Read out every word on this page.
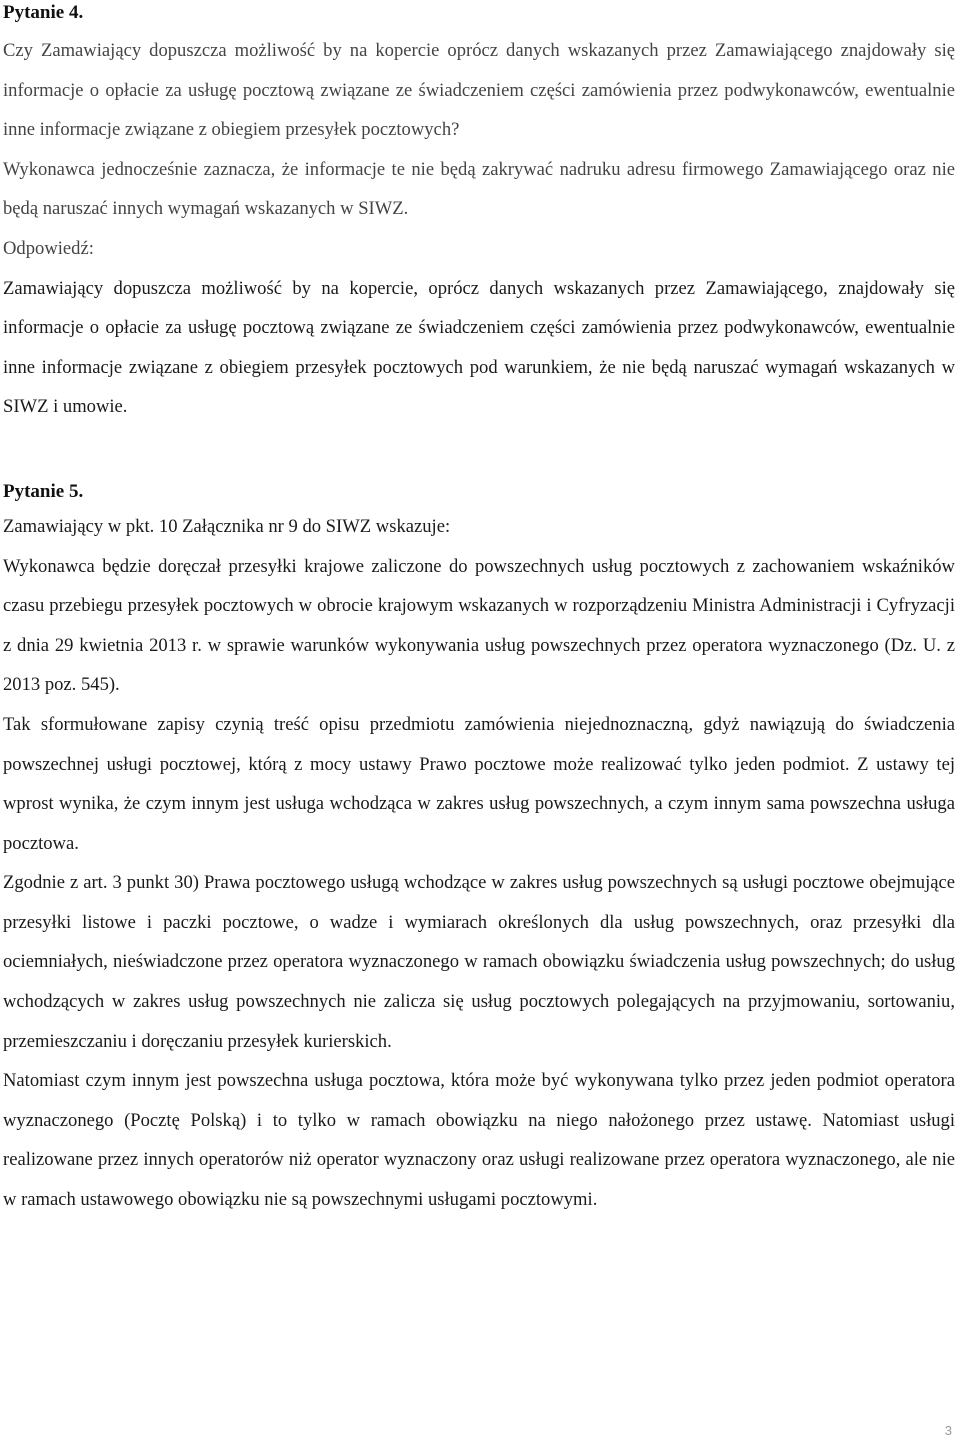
Pytanie 4.

Czy Zamawiający dopuszcza możliwość by na kopercie oprócz danych wskazanych przez Zamawiającego znajdowały się informacje o opłacie za usługę pocztową związane ze świadczeniem części zamówienia przez podwykonawców, ewentualnie inne informacje związane z obiegiem przesyłek pocztowych?

Wykonawca jednocześnie zaznacza, że informacje te nie będą zakrywać nadruku adresu firmowego Zamawiającego oraz nie będą naruszać innych wymagań wskazanych w SIWZ.

Odpowiedź:

Zamawiający dopuszcza możliwość by na kopercie, oprócz danych wskazanych przez Zamawiającego, znajdowały się informacje o opłacie za usługę pocztową związane ze świadczeniem części zamówienia przez podwykonawców, ewentualnie inne informacje związane z obiegiem przesyłek pocztowych pod warunkiem, że nie będą naruszać wymagań wskazanych w SIWZ i umowie.

Pytanie 5.

Zamawiający w pkt. 10 Załącznika nr 9 do SIWZ wskazuje:

Wykonawca będzie doręczał przesyłki krajowe zaliczone do powszechnych usług pocztowych z zachowaniem wskaźników czasu przebiegu przesyłek pocztowych w obrocie krajowym wskazanych w rozporządzeniu Ministra Administracji i Cyfryzacji z dnia 29 kwietnia 2013 r. w sprawie warunków wykonywania usług powszechnych przez operatora wyznaczonego (Dz. U. z 2013 poz. 545).

Tak sformułowane zapisy czynią treść opisu przedmiotu zamówienia niejednoznaczną, gdyż nawiązują do świadczenia powszechnej usługi pocztowej, którą z mocy ustawy Prawo pocztowe może realizować tylko jeden podmiot. Z ustawy tej wprost wynika, że czym innym jest usługa wchodząca w zakres usług powszechnych, a czym innym sama powszechna usługa pocztowa.

Zgodnie z art. 3 punkt 30) Prawa pocztowego usługą wchodzące w zakres usług powszechnych są usługi pocztowe obejmujące przesyłki listowe i paczki pocztowe, o wadze i wymiarach określonych dla usług powszechnych, oraz przesyłki dla ociemniałych, nieświadczone przez operatora wyznaczonego w ramach obowiązku świadczenia usług powszechnych; do usług wchodzących w zakres usług powszechnych nie zalicza się usług pocztowych polegających na przyjmowaniu, sortowaniu, przemieszczaniu i doręczaniu przesyłek kurierskich.

Natomiast czym innym jest powszechna usługa pocztowa, która może być wykonywana tylko przez jeden podmiot operatora wyznaczonego (Pocztę Polską) i to tylko w ramach obowiązku na niego nałożonego przez ustawę. Natomiast usługi realizowane przez innych operatorów niż operator wyznaczony oraz usługi realizowane przez operatora wyznaczonego, ale nie w ramach ustawowego obowiązku nie są powszechnymi usługami pocztowymi.

3
